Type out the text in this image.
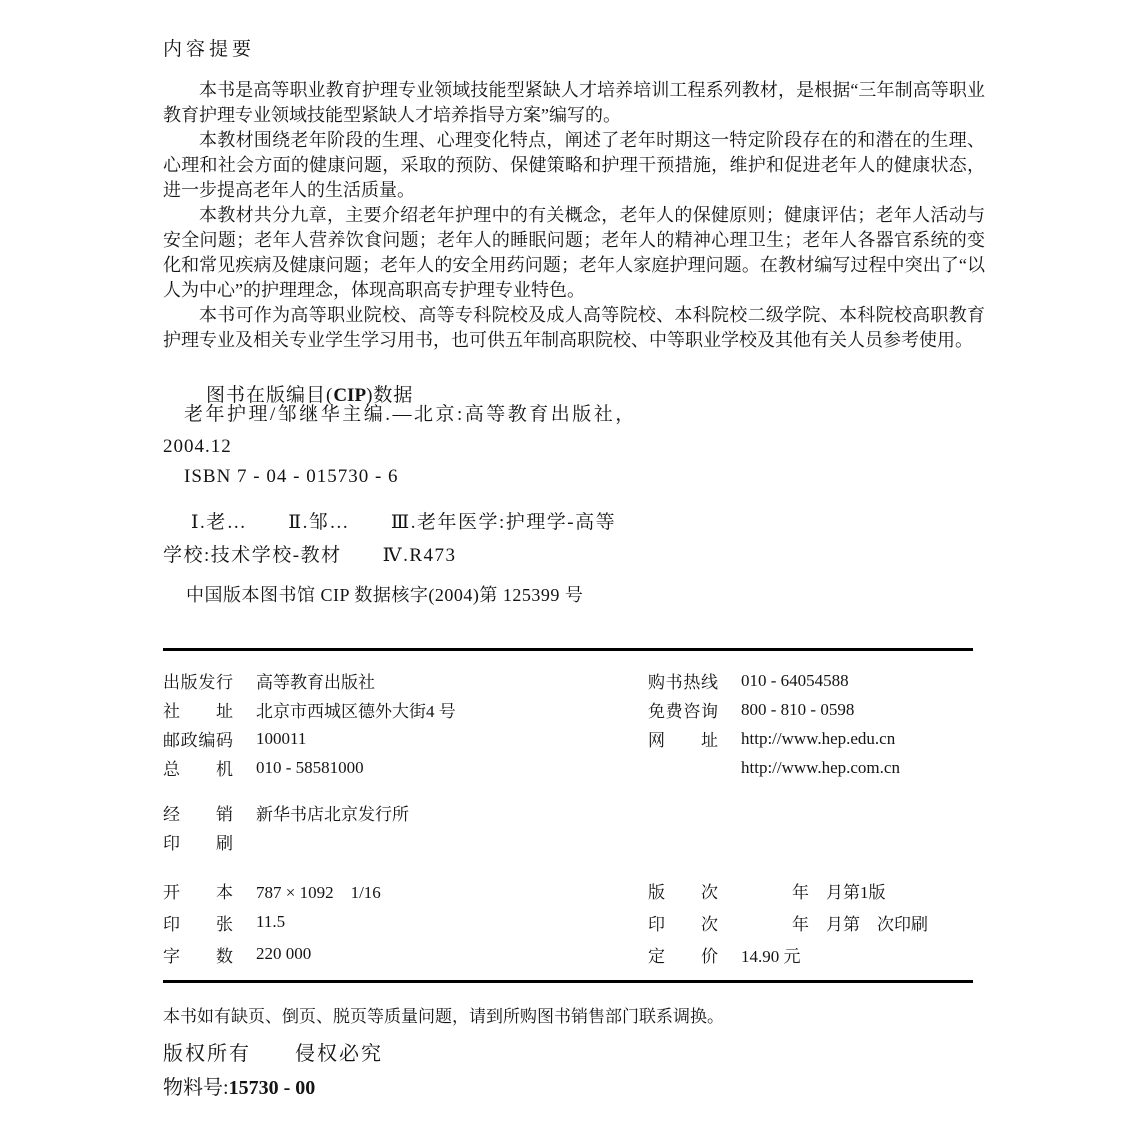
内容提要

本书是高等职业教育护理专业领域技能型紧缺人才培养培训工程系列教材，是根据“三年制高等职业教育护理专业领域技能型紧缺人才培养指导方案”编写的。

本教材围绕老年阶段的生理、心理变化特点，阐述了老年时期这一特定阶段存在的和潜在的生理、心理和社会方面的健康问题，采取的预防、保健策略和护理干预措施，维护和促进老年人的健康状态，进一步提高老年人的生活质量。

本教材共分九章，主要介绍老年护理中的有关概念，老年人的保健原则；健康评估；老年人活动与安全问题；老年人营养饮食问题；老年人的睡眠问题；老年人的精神心理卫生；老年人各器官系统的变化和常见疾病及健康问题；老年人的安全用药问题；老年人家庭护理问题。在教材编写过程中突出了“以人为中心”的护理理念，体现高职高专护理专业特色。

本书可作为高等职业院校、高等专科院校及成人高等院校、本科院校二级学院、本科院校高职教育护理专业及相关专业学生学习用书，也可供五年制高职院校、中等职业学校及其他有关人员参考使用。

图书在版编目(CIP)数据

老年护理/邹继华主编.—北京:高等教育出版社，
2004.12
ISBN 7 - 04 - 015730 - 6
Ⅰ.老…　　Ⅱ.邹…　　Ⅲ.老年医学:护理学-高等
学校:技术学校-教材　　Ⅳ.R473
中国版本图书馆 CIP 数据核字(2004)第 125399 号
出版发行 高等教育出版社
社址 北京市西城区德外大街4 号
邮政编码 100011
总机 010 - 58581000
购书热线 010 - 64054588
免费咨询 800 - 810 - 0598
网址 http://www.hep.edu.cn
http://www.hep.com.cn
经销 新华书店北京发行所
印刷
开本 787 × 1092　1/16
印张 11.5
字数 220 000
版次 　　　年　月第1版
印次 　　　年　月第　次印刷
定价 14.90 元
本书如有缺页、倒页、脱页等质量问题，请到所购图书销售部门联系调换。
版权所有　　侵权必究
物料号:15730 - 00
